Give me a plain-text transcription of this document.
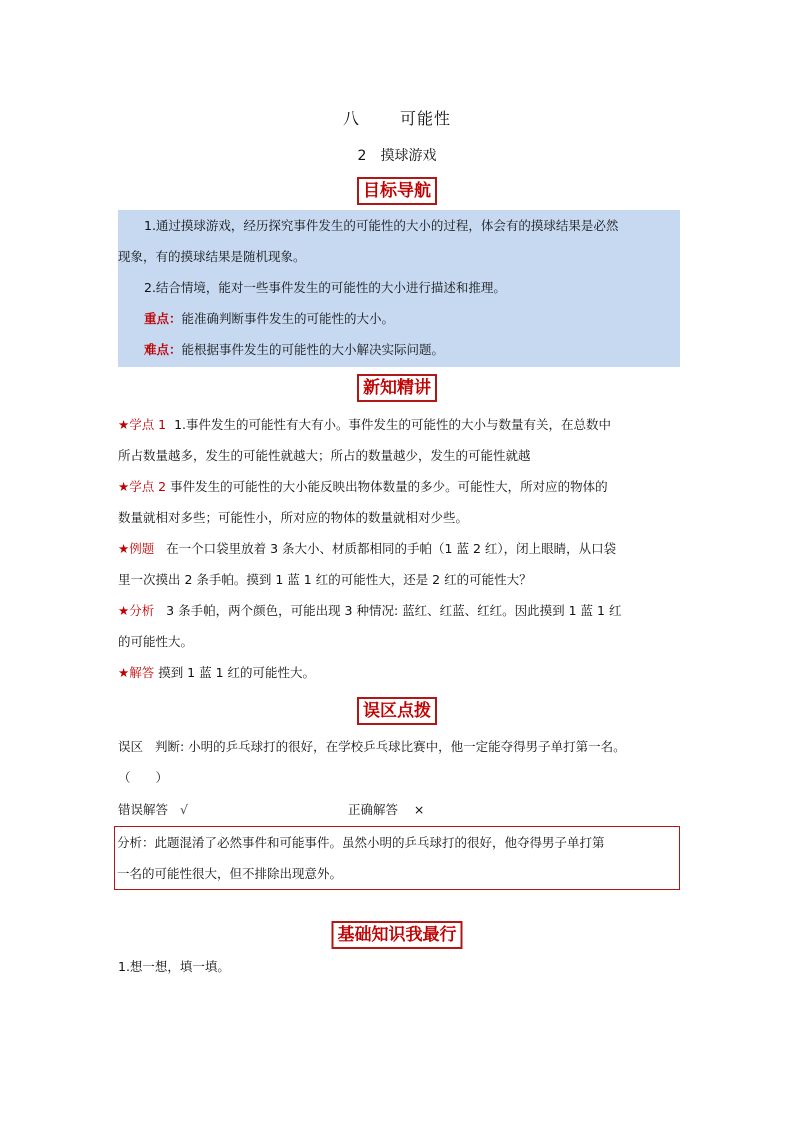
八	可能性
2 摸球游戏
目标导航

1.通过摸球游戏，经历探究事件发生的可能性的大小的过程，体会有的摸球结果是必然

现象，有的摸球结果是随机现象。

2.结合情境，能对一些事件发生的可能性的大小进行描述和推理。

重点：能准确判断事件发生的可能性的大小。

难点：能根据事件发生的可能性的大小解决实际问题。

新知精讲

★学点 1 1.事件发生的可能性有大有小。事件发生的可能性的大小与数量有关，在总数中

所占数量越多，发生的可能性就越大；所占的数量越少，发生的可能性就越

★学点 2 事件发生的可能性的大小能反映出物体数量的多少。可能性大，所对应的物体的

数量就相对多些；可能性小，所对应的物体的数量就相对少些。

★例题 在一个口袋里放着 3 条大小、材质都相同的手帕（1 蓝 2 红），闭上眼睛，从口袋

里一次摸出 2 条手帕。摸到 1 蓝 1 红的可能性大，还是 2 红的可能性大？

★分析 3 条手帕，两个颜色，可能出现 3 种情况: 蓝红、红蓝、红红。因此摸到 1 蓝 1 红

的可能性大。

★解答 摸到 1 蓝 1 红的可能性大。

误区点拨

误区 判断: 小明的乒乓球打的很好，在学校乒乓球比赛中，他一定能夺得男子单打第一名。

（　　）

错误解答 √	正确解答 ×

分析：此题混淆了必然事件和可能事件。虽然小明的乒乓球打的很好，他夺得男子单打第

一名的可能性很大，但不排除出现意外。

基础知识我最行

1.想一想，填一填。
